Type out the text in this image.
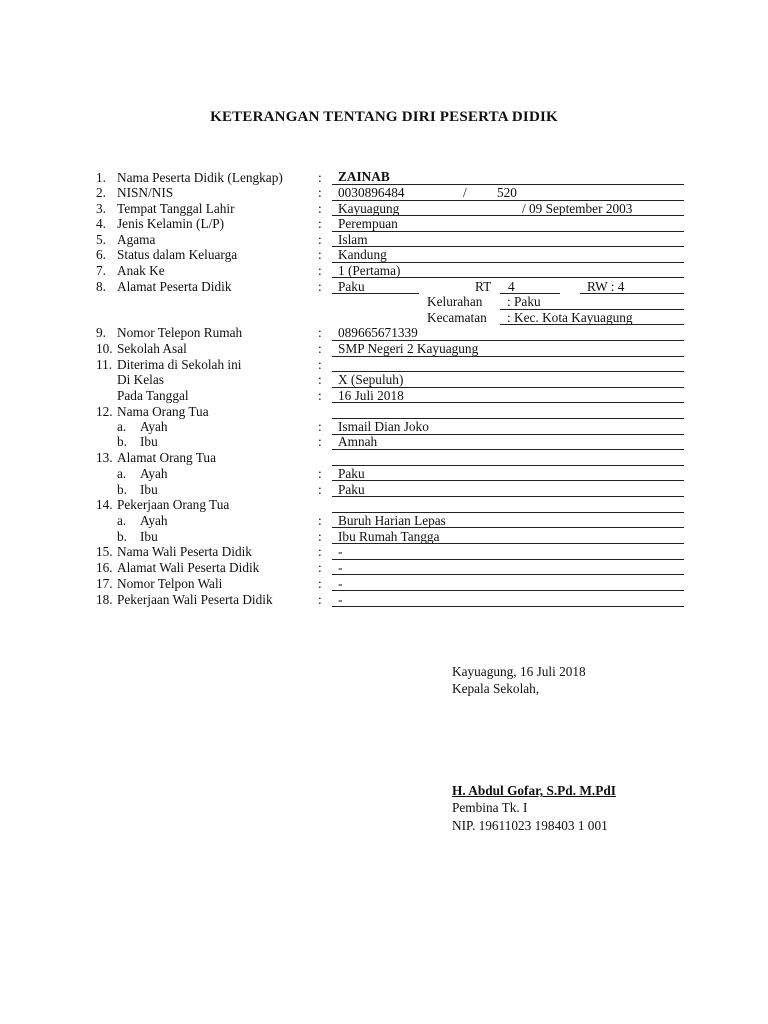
KETERANGAN TENTANG DIRI PESERTA DIDIK
1. Nama Peserta Didik (Lengkap)	: ZAINAB
2. NISN/NIS	: 0030896484	/ 520
3. Tempat Tanggal Lahir	: Kayuagung	/ 09 September 2003
4. Jenis Kelamin (L/P)	: Perempuan
5. Agama	: Islam
6. Status dalam Keluarga	: Kandung
7. Anak Ke	: 1 (Pertama)
8. Alamat Peserta Didik	: Paku	RT 4	RW : 4
Kelurahan : Paku
Kecamatan : Kec. Kota Kayuagung
9. Nomor Telepon Rumah	: 089665671339
10. Sekolah Asal	: SMP Negeri 2 Kayuagung
11. Diterima di Sekolah ini	:
Di Kelas	: X (Sepuluh)
Pada Tanggal	: 16 Juli 2018
12. Nama Orang Tua
a. Ayah	: Ismail Dian Joko
b. Ibu	: Amnah
13. Alamat Orang Tua
a. Ayah	: Paku
b. Ibu	: Paku
14. Pekerjaan Orang Tua
a. Ayah	: Buruh Harian Lepas
b. Ibu	: Ibu Rumah Tangga
15. Nama Wali Peserta Didik	: -
16. Alamat Wali Peserta Didik	: -
17. Nomor Telpon Wali	: -
18. Pekerjaan Wali Peserta Didik	: -
Kayuagung, 16 Juli 2018
Kepala Sekolah,
H. Abdul Gofar, S.Pd. M.PdI
Pembina Tk. I
NIP. 19611023 198403 1 001
